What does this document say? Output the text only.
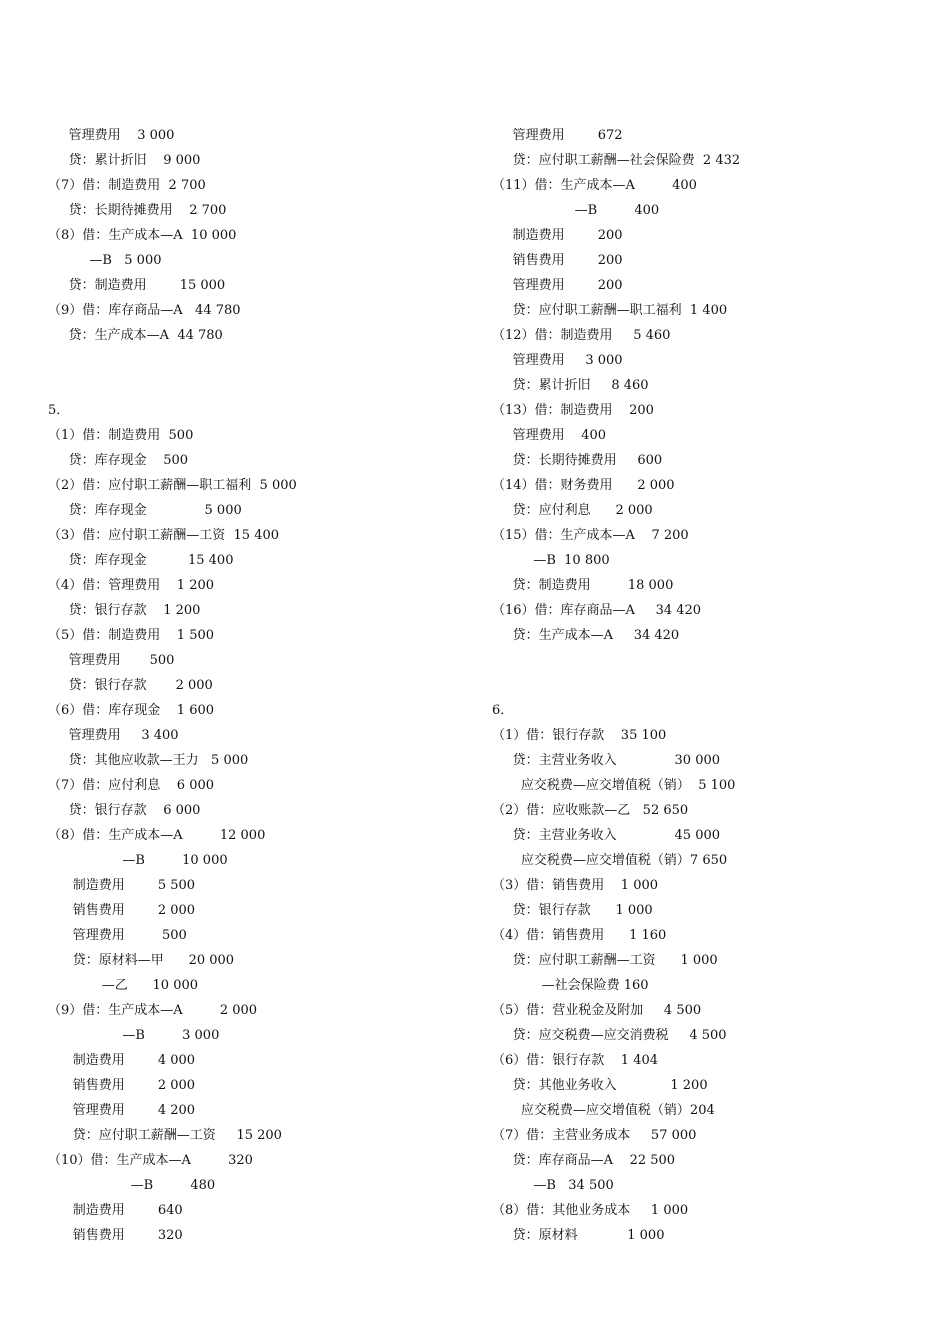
管理费用    3 000
贷：累计折旧    9 000
（7）借：制造费用  2 700
贷：长期待摊费用    2 700
（8）借：生产成本—A  10 000
—B   5 000
贷：制造费用        15 000
（9）借：库存商品—A   44 780
贷：生产成本—A  44 780
5．
（1）借：制造费用  500
贷：库存现金    500
（2）借：应付职工薪酬—职工福利  5 000
贷：库存现金              5 000
（3）借：应付职工薪酬—工资  15 400
贷：库存现金          15 400
（4）借：管理费用    1 200
贷：银行存款    1 200
（5）借：制造费用    1 500
管理费用       500
贷：银行存款       2 000
（6）借：库存现金    1 600
管理费用     3 400
贷：其他应收款—王力   5 000
（7）借：应付利息    6 000
贷：银行存款    6 000
（8）借：生产成本—A         12 000
—B         10 000
制造费用        5 500
销售费用        2 000
管理费用         500
贷：原材料—甲      20 000
—乙      10 000
（9）借：生产成本—A         2 000
—B         3 000
制造费用        4 000
销售费用        2 000
管理费用        4 200
贷：应付职工薪酬—工资     15 200
（10）借：生产成本—A         320
—B         480
制造费用        640
销售费用        320
管理费用        672
贷：应付职工薪酬—社会保险费  2 432
（11）借：生产成本—A         400
—B         400
制造费用        200
销售费用        200
管理费用        200
贷：应付职工薪酬—职工福利  1 400
（12）借：制造费用     5 460
管理费用     3 000
贷：累计折旧     8 460
（13）借：制造费用    200
管理费用    400
贷：长期待摊费用     600
（14）借：财务费用      2 000
贷：应付利息      2 000
（15）借：生产成本—A    7 200
—B  10 800
贷：制造费用         18 000
（16）借：库存商品—A     34 420
贷：生产成本—A     34 420
6．
（1）借：银行存款    35 100
贷：主营业务收入              30 000
应交税费—应交增值税（销）  5 100
（2）借：应收账款—乙   52 650
贷：主营业务收入              45 000
应交税费—应交增值税（销）7 650
（3）借：销售费用    1 000
贷：银行存款      1 000
（4）借：销售费用      1 160
贷：应付职工薪酬—工资      1 000
—社会保险费 160
（5）借：营业税金及附加     4 500
贷：应交税费—应交消费税     4 500
（6）借：银行存款    1 404
贷：其他业务收入             1 200
应交税费—应交增值税（销）204
（7）借：主营业务成本     57 000
贷：库存商品—A    22 500
—B   34 500
（8）借：其他业务成本     1 000
贷：原材料            1 000
